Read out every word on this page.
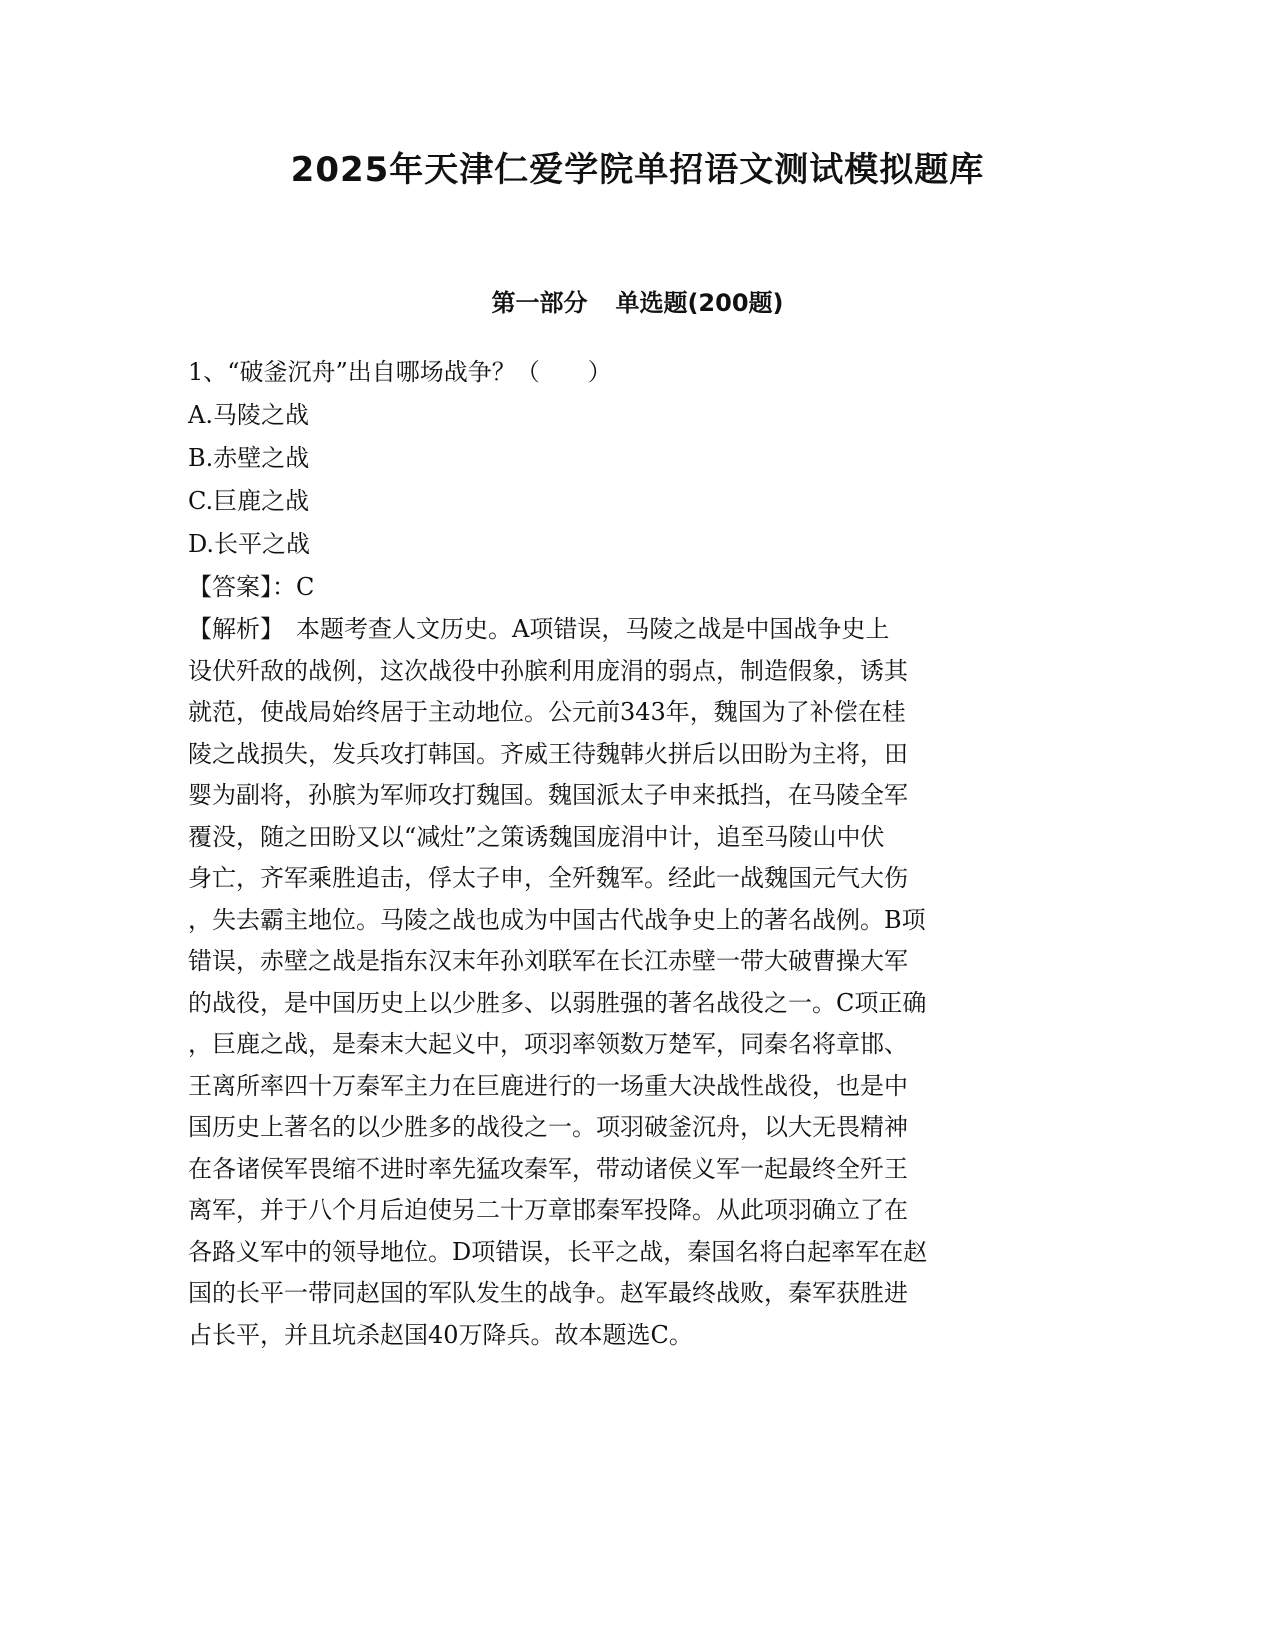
2025年天津仁爱学院单招语文测试模拟题库
第一部分 单选题(200题)
1、“破釜沉舟”出自哪场战争？（　　）
A.马陵之战
B.赤壁之战
C.巨鹿之战
D.长平之战
【答案】：C
【解析】　本题考查人文历史。A项错误，马陵之战是中国战争史上
设伏歼敌的战例，这次战役中孙膑利用庞涓的弱点，制造假象，诱其
就范，使战局始终居于主动地位。公元前343年，魏国为了补偿在桂
陵之战损失，发兵攻打韩国。齐威王待魏韩火拼后以田盼为主将，田
婴为副将，孙膑为军师攻打魏国。魏国派太子申来抵挡，在马陵全军
覆没，随之田盼又以“减灶”之策诱魏国庞涓中计，追至马陵山中伏
身亡，齐军乘胜追击，俘太子申，全歼魏军。经此一战魏国元气大伤
，失去霸主地位。马陵之战也成为中国古代战争史上的著名战例。B项
错误，赤壁之战是指东汉末年孙刘联军在长江赤壁一带大破曹操大军
的战役，是中国历史上以少胜多、以弱胜强的著名战役之一。C项正确
，巨鹿之战，是秦末大起义中，项羽率领数万楚军，同秦名将章邯、
王离所率四十万秦军主力在巨鹿进行的一场重大决战性战役，也是中
国历史上著名的以少胜多的战役之一。项羽破釜沉舟，以大无畏精神
在各诸侯军畏缩不进时率先猛攻秦军，带动诸侯义军一起最终全歼王
离军，并于八个月后迫使另二十万章邯秦军投降。从此项羽确立了在
各路义军中的领导地位。D项错误，长平之战，秦国名将白起率军在赵
国的长平一带同赵国的军队发生的战争。赵军最终战败，秦军获胜进
占长平，并且坑杀赵国40万降兵。故本题选C。
